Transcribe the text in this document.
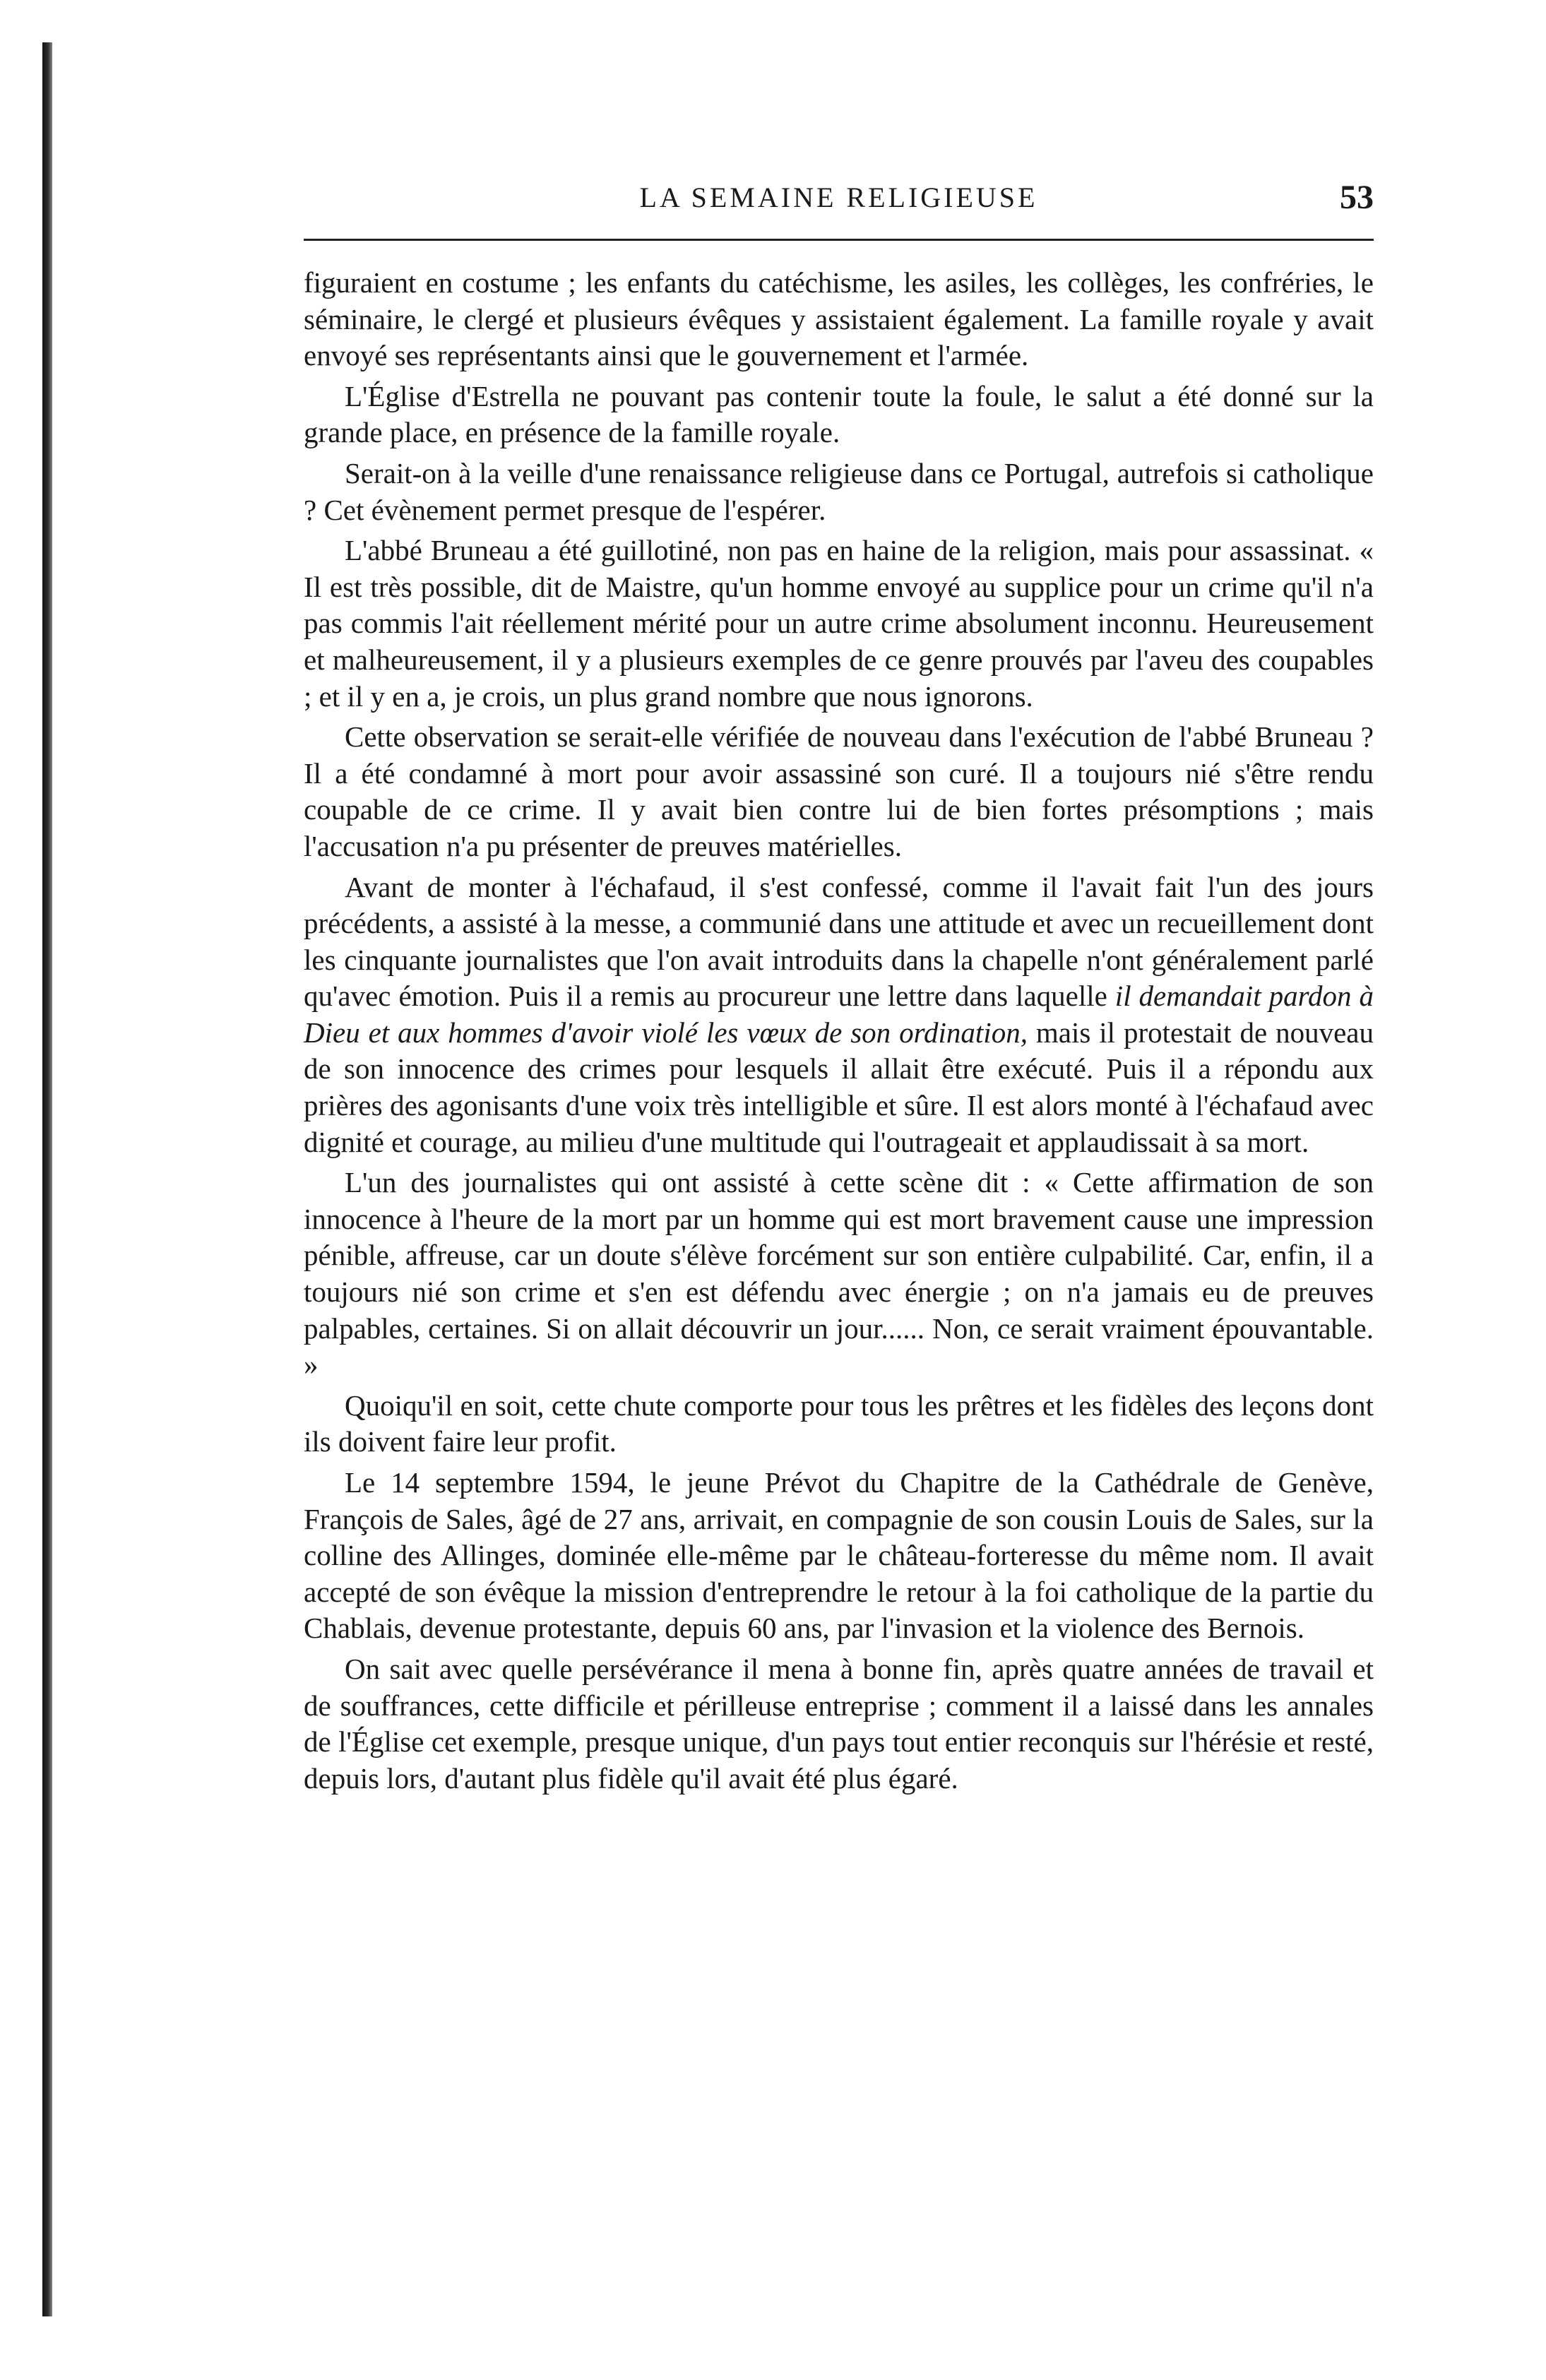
LA SEMAINE RELIGIEUSE	53

figuraient en costume ; les enfants du catéchisme, les asiles, les collèges, les confréries, le séminaire, le clergé et plusieurs évêques y assistaient également. La famille royale y avait envoyé ses représentants ainsi que le gouvernement et l'armée.

L'Église d'Estrella ne pouvant pas contenir toute la foule, le salut a été donné sur la grande place, en présence de la famille royale.

Serait-on à la veille d'une renaissance religieuse dans ce Portugal, autrefois si catholique ? Cet évènement permet presque de l'espérer.

L'abbé Bruneau a été guillotiné, non pas en haine de la religion, mais pour assassinat. « Il est très possible, dit de Maistre, qu'un homme envoyé au supplice pour un crime qu'il n'a pas commis l'ait réellement mérité pour un autre crime absolument inconnu. Heureusement et malheureusement, il y a plusieurs exemples de ce genre prouvés par l'aveu des coupables ; et il y en a, je crois, un plus grand nombre que nous ignorons.

Cette observation se serait-elle vérifiée de nouveau dans l'exécution de l'abbé Bruneau ? Il a été condamné à mort pour avoir assassiné son curé. Il a toujours nié s'être rendu coupable de ce crime. Il y avait bien contre lui de bien fortes présomptions ; mais l'accusation n'a pu présenter de preuves matérielles.

Avant de monter à l'échafaud, il s'est confessé, comme il l'avait fait l'un des jours précédents, a assisté à la messe, a communié dans une attitude et avec un recueillement dont les cinquante journalistes que l'on avait introduits dans la chapelle n'ont généralement parlé qu'avec émotion. Puis il a remis au procureur une lettre dans laquelle il demandait pardon à Dieu et aux hommes d'avoir violé les vœux de son ordination, mais il protestait de nouveau de son innocence des crimes pour lesquels il allait être exécuté. Puis il a répondu aux prières des agonisants d'une voix très intelligible et sûre. Il est alors monté à l'échafaud avec dignité et courage, au milieu d'une multitude qui l'outrageait et applaudissait à sa mort.

L'un des journalistes qui ont assisté à cette scène dit : « Cette affirmation de son innocence à l'heure de la mort par un homme qui est mort bravement cause une impression pénible, affreuse, car un doute s'élève forcément sur son entière culpabilité. Car, enfin, il a toujours nié son crime et s'en est défendu avec énergie ; on n'a jamais eu de preuves palpables, certaines. Si on allait découvrir un jour...... Non, ce serait vraiment épouvantable. »

Quoiqu'il en soit, cette chute comporte pour tous les prêtres et les fidèles des leçons dont ils doivent faire leur profit.

Le 14 septembre 1594, le jeune Prévot du Chapitre de la Cathédrale de Genève, François de Sales, âgé de 27 ans, arrivait, en compagnie de son cousin Louis de Sales, sur la colline des Allinges, dominée elle-même par le château-forteresse du même nom. Il avait accepté de son évêque la mission d'entreprendre le retour à la foi catholique de la partie du Chablais, devenue protestante, depuis 60 ans, par l'invasion et la violence des Bernois.

On sait avec quelle persévérance il mena à bonne fin, après quatre années de travail et de souffrances, cette difficile et périlleuse entreprise ; comment il a laissé dans les annales de l'Église cet exemple, presque unique, d'un pays tout entier reconquis sur l'hérésie et resté, depuis lors, d'autant plus fidèle qu'il avait été plus égaré.
